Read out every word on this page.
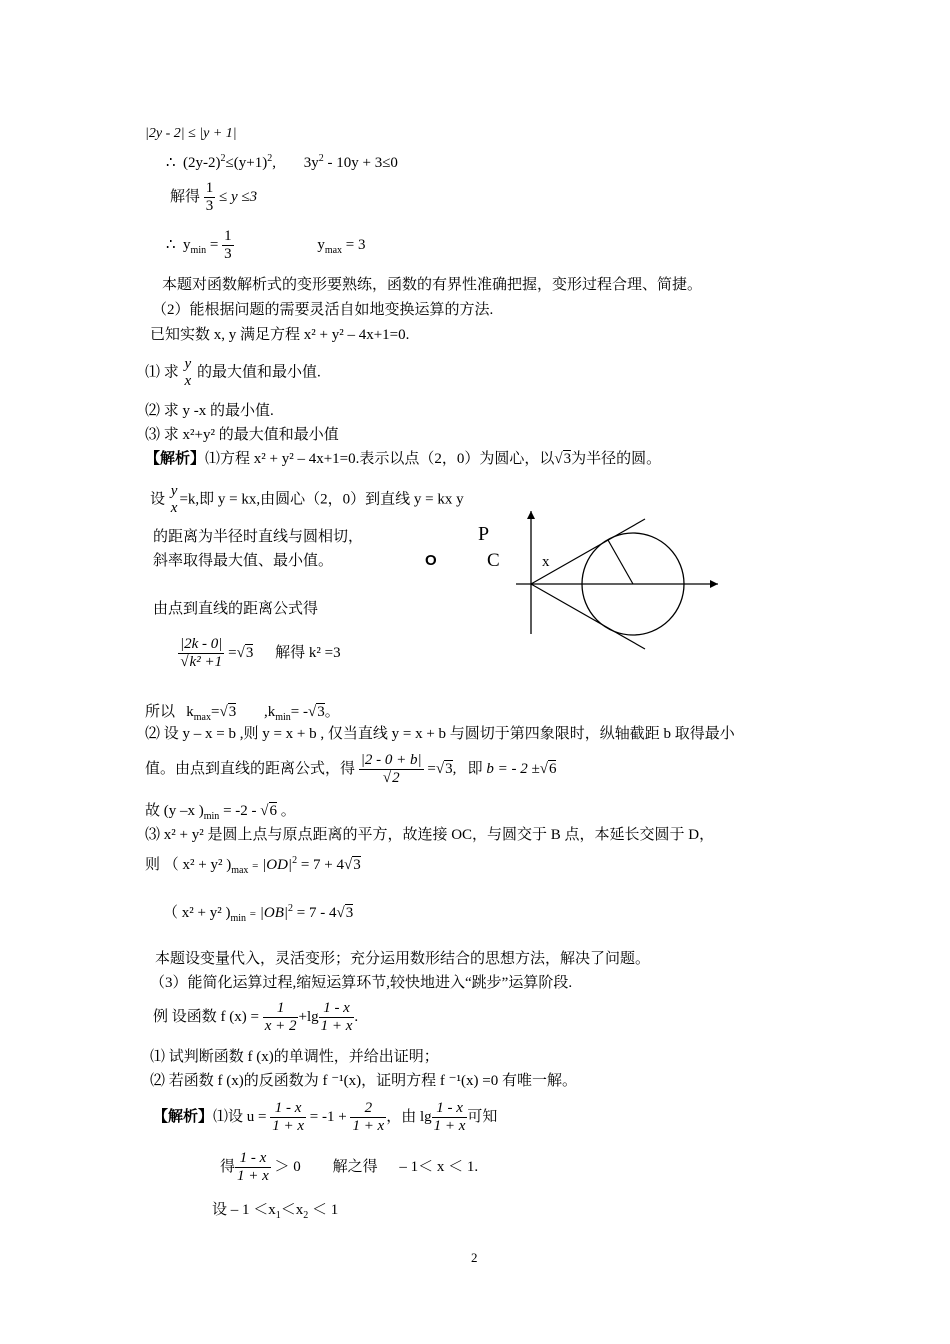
|2y - 2| ≤ |y + 1|
∴ $(2y-2)^2\le(y+1)^2$, $3y^2 - 10y + 3\le 0$
解得 $\frac{1}{3} \le y \le 3$
∴ $y_{min} = \frac{1}{3}$	$y_{max} = 3$
本题对函数解析式的变形要熟练，函数的有界性准确把握，变形过程合理、简捷。
（2）能根据问题的需要灵活自如地变换运算的方法.
已知实数 x, y 满足方程 x² + y² – 4x+1=0.
⑴ 求
y
x
的最大值和最小值.
⑵ 求 y -x 的最小值.
⑶ 求 x²+y² 的最大值和最小值
【解析】⑴方程 x² + y² – 4x+1=0.表示以点（2，0）为圆心，以√3为半径的圆。
设
y
x
=k,即 y = kx,由圆心（2，0）到直线 y = kx y
的距离为半径时直线与圆相切，
斜率取得最大值、最小值。
由点到直线的距离公式得
P
O	C	x
$\frac{|2k - 0|}{\text{√k² +1}} =√3$ 解得 k² =3
所以 $k_{max}=√3$ $,k_{min}= -√3$。
⑵ 设 y – x = b ,则 y = x + b , 仅当直线 y = x + b 与圆切于第四象限时，纵轴截距 b 取得最小
值。由点到直线的距离公式，得 $\frac{|2 - 0 + b|}{√2} =√3$, 即 b = - 2 ±√6
故 (y –x )$_{min} = -2 - √6$ 。
⑶ x² + y² 是圆上点与原点距离的平方，故连接 OC，与圆交于 B 点，本延长交圆于 D，
则 （ x² + y² )$_{max} = |OD|^2 = 7 + 4√3$
（ x² + y² )$_{min} = |OB|^2 = 7 - 4√3$
本题设变量代入，灵活变形；充分运用数形结合的思想方法，解决了问题。
（3）能简化运算过程,缩短运算环节,较快地进入“跳步”运算阶段.
例 设函数 f $(x) = \frac{1}{x + 2} +\lg \frac{1 - x}{1 + x}$ .
⑴ 试判断函数 f (x)的单调性，并给出证明；
⑵ 若函数 f (x)的反函数为 f ⁻¹(x)，证明方程 f ⁻¹(x) =0 有唯一解。
【解析】⑴设 $u = \frac{1 - x}{1 + x} = -1 + \frac{2}{1 + x}$ ，由 $\lg \frac{1 - x}{1 + x}$ 可知
得 $\frac{1 - x}{1 + x} > 0$ 解之得 – 1＜ x ＜ 1.
设 – $1 <x_1<x_2 < 1$
2
